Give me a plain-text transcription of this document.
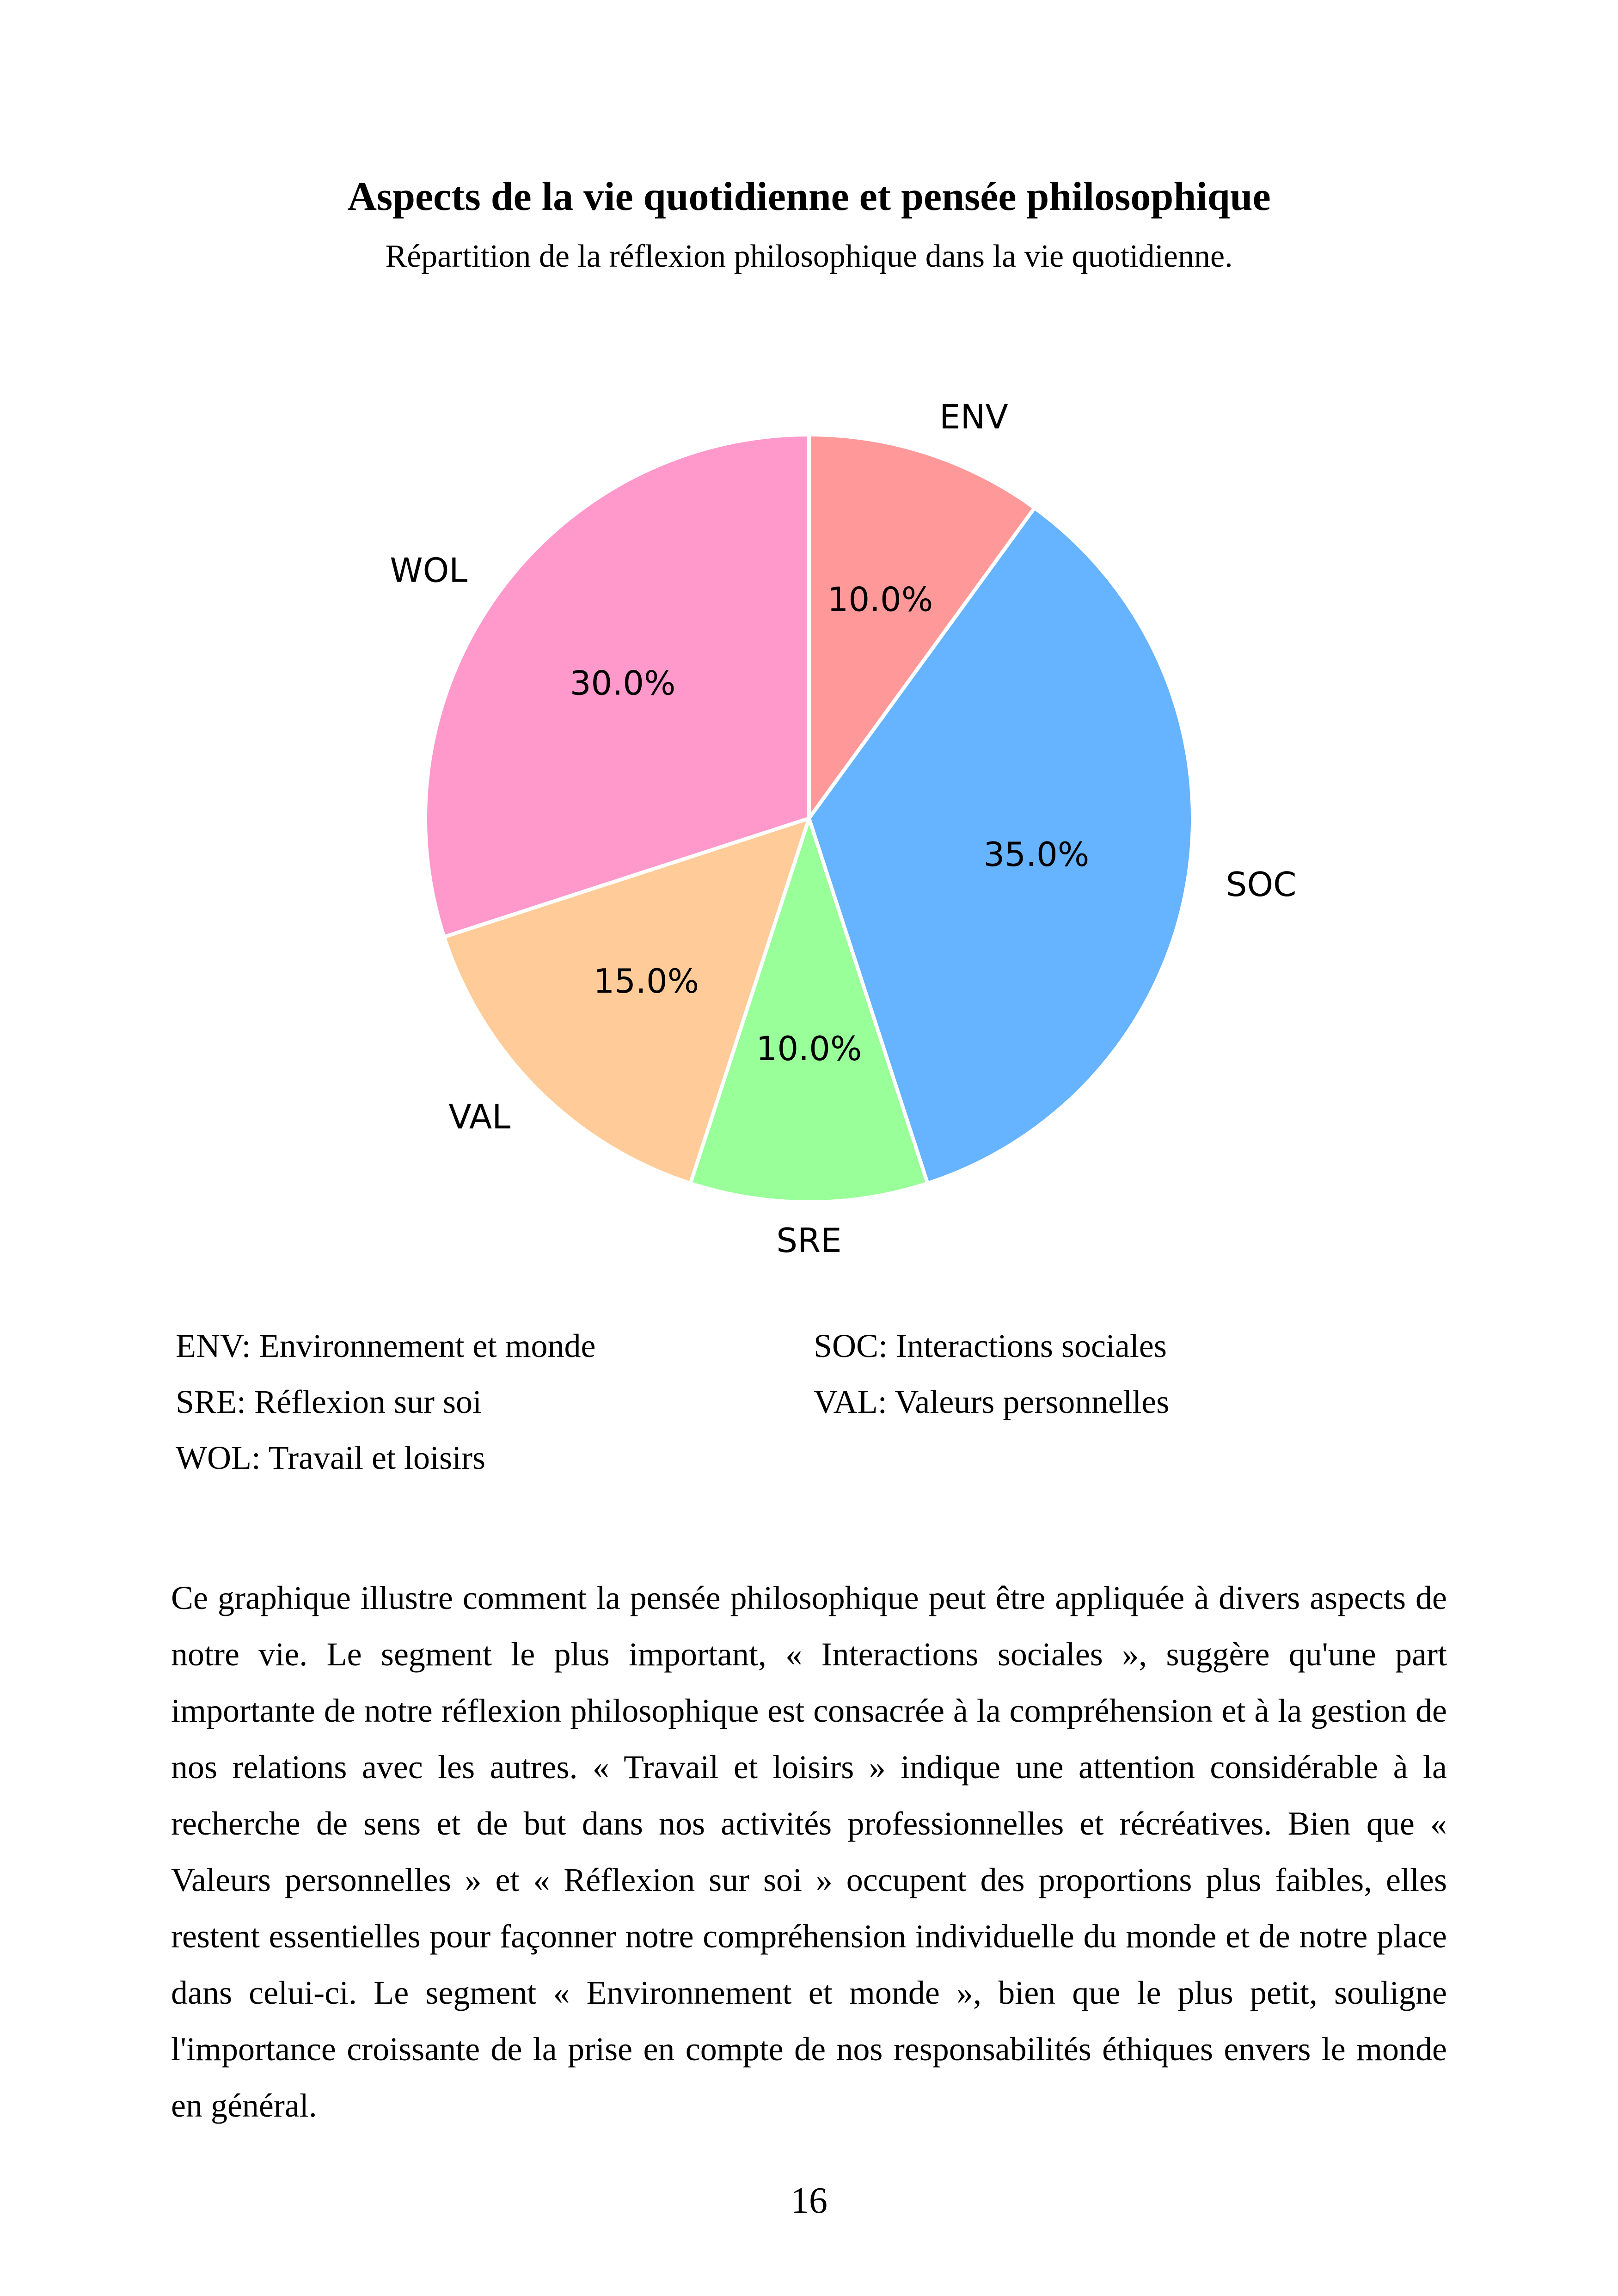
Aspects de la vie quotidienne et pensée philosophique
Répartition de la réflexion philosophique dans la vie quotidienne.
10.0%
ENV
35.0%
SOC
10.0%
SRE
15.0%
VAL
30.0%
WOL
ENV: Environnement et monde	SOC: Interactions sociales
SRE: Réflexion sur soi	VAL: Valeurs personnelles
WOL: Travail et loisirs
Ce graphique illustre comment la pensée philosophique peut être appliquée à divers aspects de notre vie. Le segment le plus important, « Interactions sociales », suggère qu'une part importante de notre réflexion philosophique est consacrée à la compréhension et à la gestion de nos relations avec les autres. « Travail et loisirs » indique une attention considérable à la recherche de sens et de but dans nos activités professionnelles et récréatives. Bien que « Valeurs personnelles » et « Réflexion sur soi » occupent des proportions plus faibles, elles restent essentielles pour façonner notre compréhension individuelle du monde et de notre place dans celui-ci. Le segment « Environnement et monde », bien que le plus petit, souligne l'importance croissante de la prise en compte de nos responsabilités éthiques envers le monde en général.
16
